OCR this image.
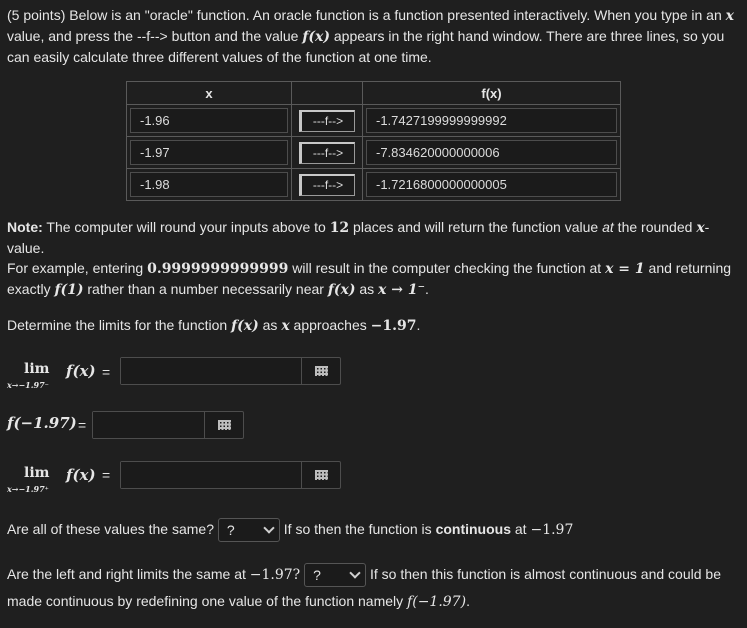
(5 points) Below is an "oracle" function. An oracle function is a function presented interactively. When you type in an x value, and press the --f--> button and the value f(x) appears in the right hand window. There are three lines, so you can easily calculate three different values of the function at one time.
x		f(x)

-1.96	---f-->	-1.7427199999999992

-1.97	---f-->	-7.834620000000006

-1.98	---f-->	-1.7216800000000005
Note: The computer will round your inputs above to 12 places and will return the function value at the rounded x-value.
For example, entering 0.9999999999999 will result in the computer checking the function at x = 1 and returning exactly f(1) rather than a number necessarily near f(x) as x → 1⁻.
Determine the limits for the function f(x) as x approaches −1.97.
lim
x→−1.97⁻
f(x) =
f(−1.97) =
lim
x→−1.97⁺
f(x) =
Are all of these values the same? ?	If so then the function is continuous at −1.97
Are the left and right limits the same at −1.97? ?	If so then this function is almost continuous and could be made continuous by redefining one value of the function namely f(−1.97).
